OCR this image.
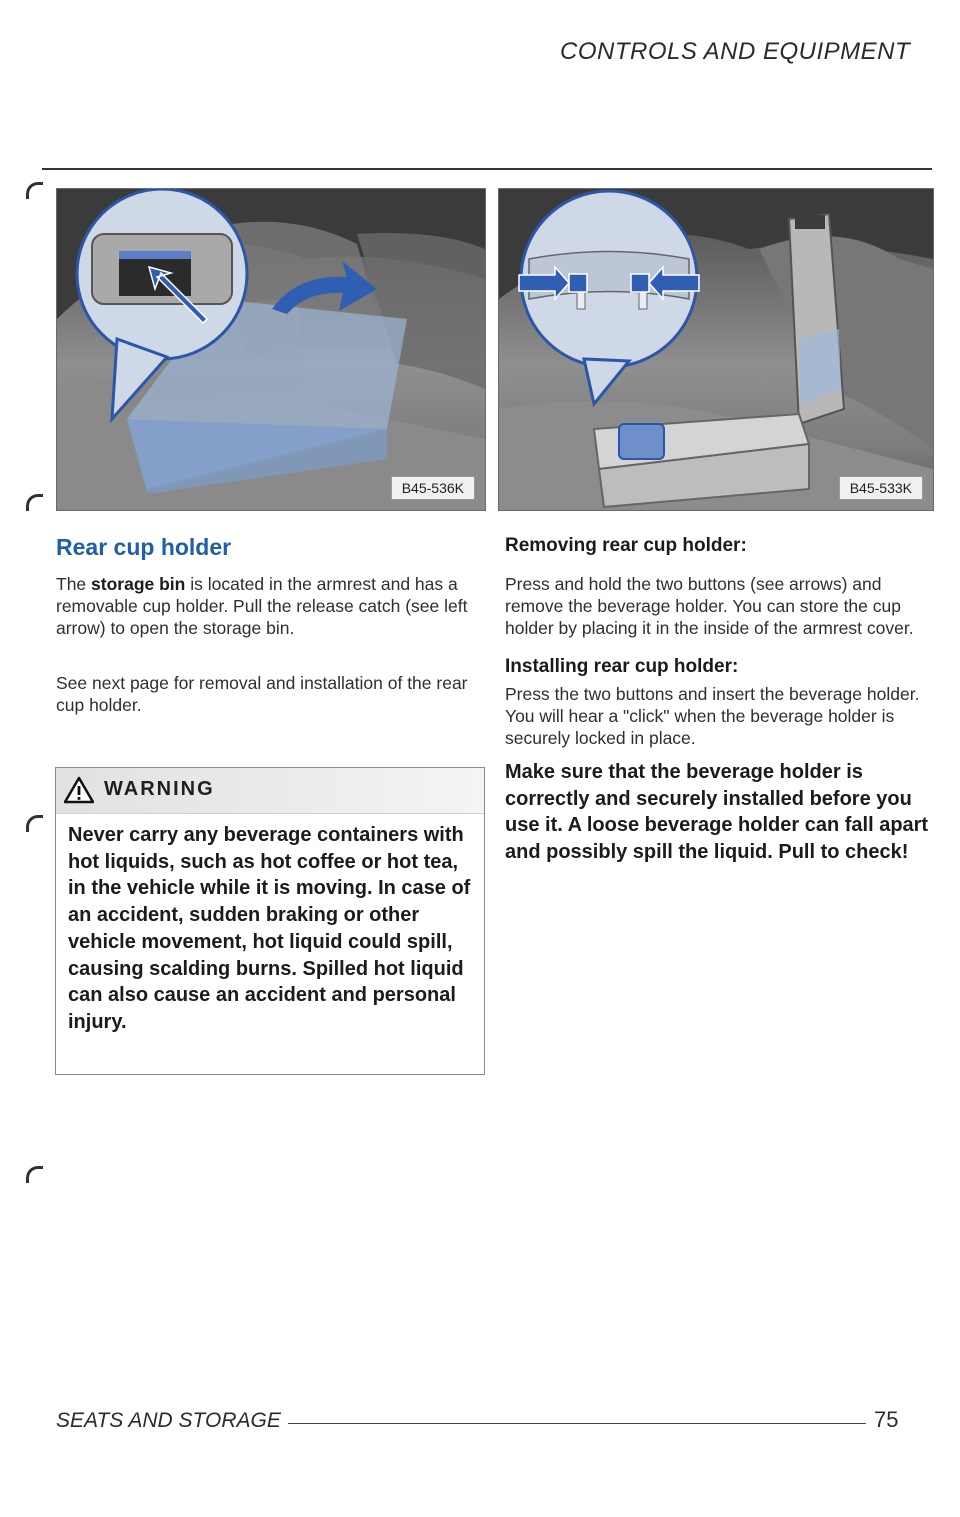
CONTROLS AND EQUIPMENT
B45-536K	B45-533K
Rear cup holder

The storage bin is located in the armrest and has a removable cup holder. Pull the release catch (see left arrow) to open the storage bin.

See next page for removal and installation of the rear cup holder.

WARNING

Never carry any beverage containers with hot liquids, such as hot coffee or hot tea, in the vehicle while it is moving. In case of an accident, sudden braking or other vehicle movement, hot liquid could spill, causing scalding burns. Spilled hot liquid can also cause an accident and personal injury.

Removing rear cup holder:

Press and hold the two buttons (see arrows) and remove the beverage holder. You can store the cup holder by placing it in the inside of the armrest cover.

Installing rear cup holder:

Press the two buttons and insert the beverage holder. You will hear a "click" when the beverage holder is securely locked in place.

Make sure that the beverage holder is correctly and securely installed before you use it. A loose beverage holder can fall apart and possibly spill the liquid. Pull to check!

SEATS AND STORAGE	75
